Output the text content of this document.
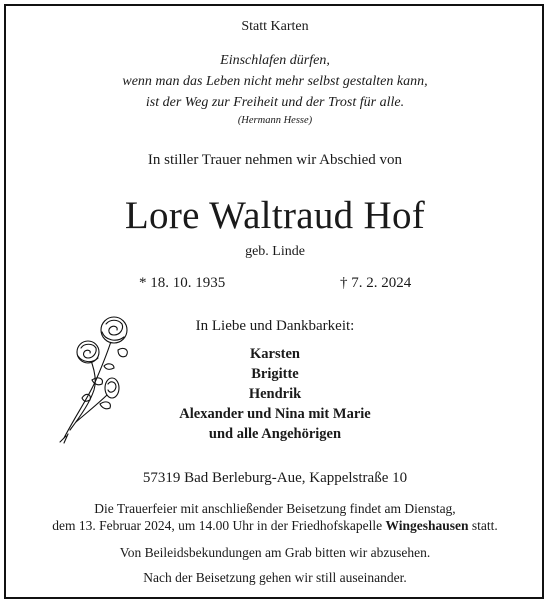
Statt Karten
Einschlafen dürfen,
wenn man das Leben nicht mehr selbst gestalten kann,
ist der Weg zur Freiheit und der Trost für alle.
(Hermann Hesse)
In stiller Trauer nehmen wir Abschied von
Lore Waltraud Hof
geb. Linde
* 18. 10. 1935	† 7. 2. 2024
In Liebe und Dankbarkeit:
Karsten
Brigitte
Hendrik
Alexander und Nina mit Marie
und alle Angehörigen
57319 Bad Berleburg-Aue, Kappelstraße 10
Die Trauerfeier mit anschließender Beisetzung findet am Dienstag,
dem 13. Februar 2024, um 14.00 Uhr in der Friedhofskapelle Wingeshausen statt.
Von Beileidsbekundungen am Grab bitten wir abzusehen.
Nach der Beisetzung gehen wir still auseinander.
